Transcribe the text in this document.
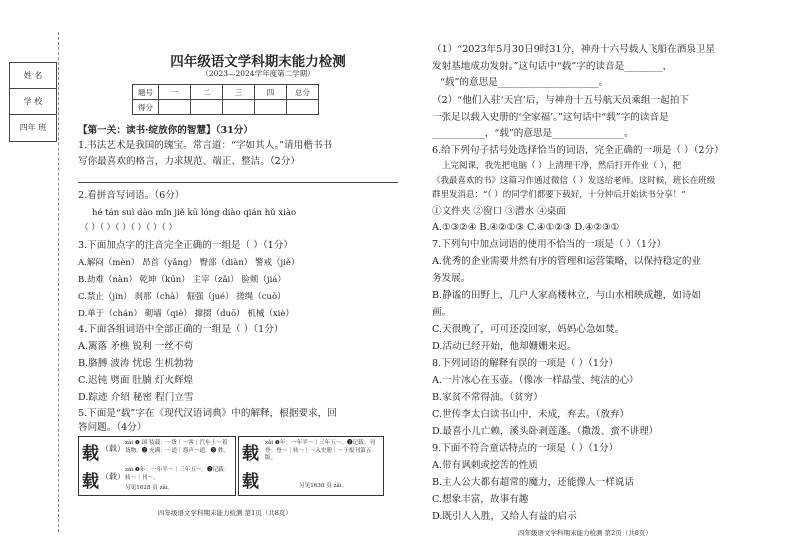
姓 名
学 校
四年 班
四年级语文学科期末能力检测
（2023—2024学年度第二学期）
题号	一	二	三	四	总分
得分					
【第一关：读书·绽放你的智慧】（31分）
1.书法艺术是我国的瑰宝。常言道：“字如其人。”请用楷书书
写你最喜欢的格言，力求规范、端正、整洁。（2分）
2.看拼音写词语。（6分）
hé tán suì dào mǐn jiě kū lóng diào qián hǔ xiào
（ ）（ ）（ ）（ ）（ ）（ ）
3.下面加点字的注音完全正确的一组是（ ）（1分）
A.解闷（mèn） 昂首（yǎng） 臀部（diàn） 警戒（jiè）
B.劫难（nàn） 乾坤（kūn） 主宰（zǎi） 脸颊（jiá）
C.禁止（jìn） 刹那（chà） 倔强（jué） 搓绳（cuō）
D.单于（chán） 砌墙（qiè） 撺掇（duō） 机械（xiè）
4.下面各组词语中全部正确的一组是（ ）（1分）
A.篱落 矛樵 锐利 一丝不苟
B.胳膊 波涛 忧虑 生机勃勃
C.迟钝 劈面 肚腩 灯火辉煌
D.踪迹 介绍 秘密 程门立雪
5.下面是“载”字在《现代汉语词典》中的解释，根据要求，回
答问题。（4分）
载 （载）
zài ❶ 国 装载：～货｜～客｜汽车上～着货物。❷ 充满：～道｜怨声～道。❸ 姓。
载 （载）
zǎi ❶年：一年半～｜三年五～。❷记载：转～｜刊～。
另见1628 页 zǎi。
载
zǎi ❶年：一年半～｜三年五～。❷记载；刊登：登～｜转～｜～入史册｜～于报刊第五版。
载	另见1630 页 zǎi。
四年级语文学科期末能力检测 第1页（共8页）
（1）“2023年5月30日9时31分，神舟十六号载人飞船在酒泉卫星
发射基地成功发射。”这句话中“载”字的读音是________，
“载”的意思是_____________________。
（2）“他们入驻‘天宫’后，与神舟十五号航天员乘组一起拍下
一张足以载入史册的‘全家福’。”这句话中“载”字的读音是
___________，“载”的意思是_______________。
6.给下列句子括号处选择恰当的词语，完全正确的一项是（ ）（2分）
上完阅课，我先把电脑（ ）上清理干净，然后打开作业（ ），把
《我最喜欢的书》这篇习作通过微信（ ）发送给老师。这时候，班长在班级
群里发消息：“（ ）的同学们都要下载好，十分钟后开始读书分享！”
①文件夹 ②窗口 ③潜水 ④桌面
A.①③②④ B.④②①③ C.④①②③ D.④②③①
7.下列句中加点词语的使用不恰当的一项是（ ）（1分）
A.优秀的企业需要井然有序的管理和运营策略，以保持稳定的业
务发展。
B.静谧的田野上，几户人家高楼林立，与山水相映成趣，如诗如
画。
C.天很晚了，可可还没回家，妈妈心急如焚。
D.活动已经开始，他却姗姗来迟。
8.下列词语的解释有误的一项是（ ）（1分）
A.一片冰心在玉壶。（像冰一样晶莹、纯洁的心）
B.家贫不常得油。（贫穷）
C.世传李太白读书山中，未成，弃去。（放弃）
D.最喜小儿亡赖，溪头卧剥莲蓬。（撒泼、蛮不讲理）
9.下面不符合童话特点的一项是（ ）（1分）
A.带有讽刺或挖苦的性质
B.主人公大都有超常的魔力，还能像人一样说话
C.想象丰富，故事有趣
D.既引人入胜，又给人有益的启示
四年级语文学科期末能力检测 第2页（共8页）
